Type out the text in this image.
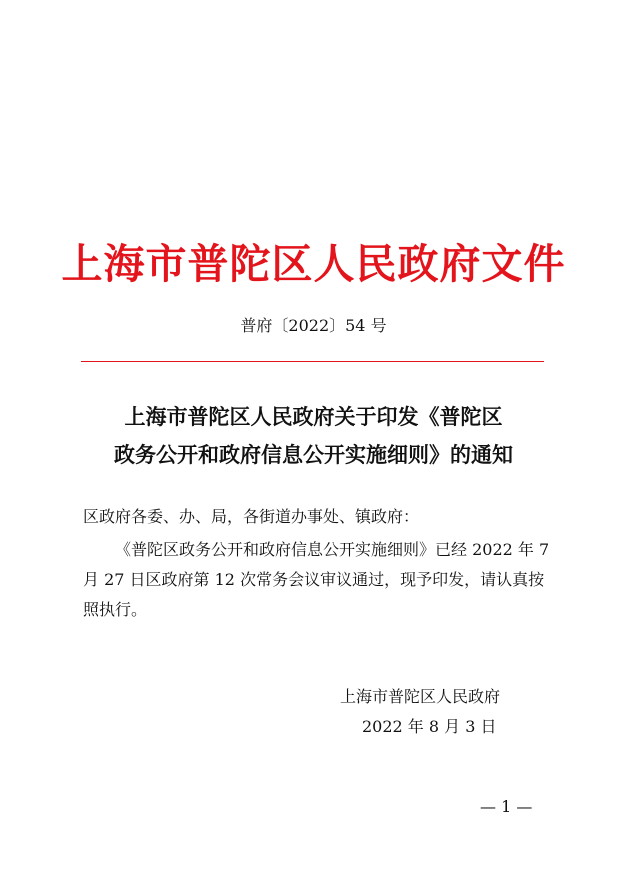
上海市普陀区人民政府文件
普府〔2022〕54 号
上海市普陀区人民政府关于印发《普陀区
政务公开和政府信息公开实施细则》的通知
区政府各委、办、局，各街道办事处、镇政府：
《普陀区政务公开和政府信息公开实施细则》已经 2022 年 7
月 27 日区政府第 12 次常务会议审议通过，现予印发，请认真按
照执行。
上海市普陀区人民政府
2022 年 8 月 3 日
— 1 —
